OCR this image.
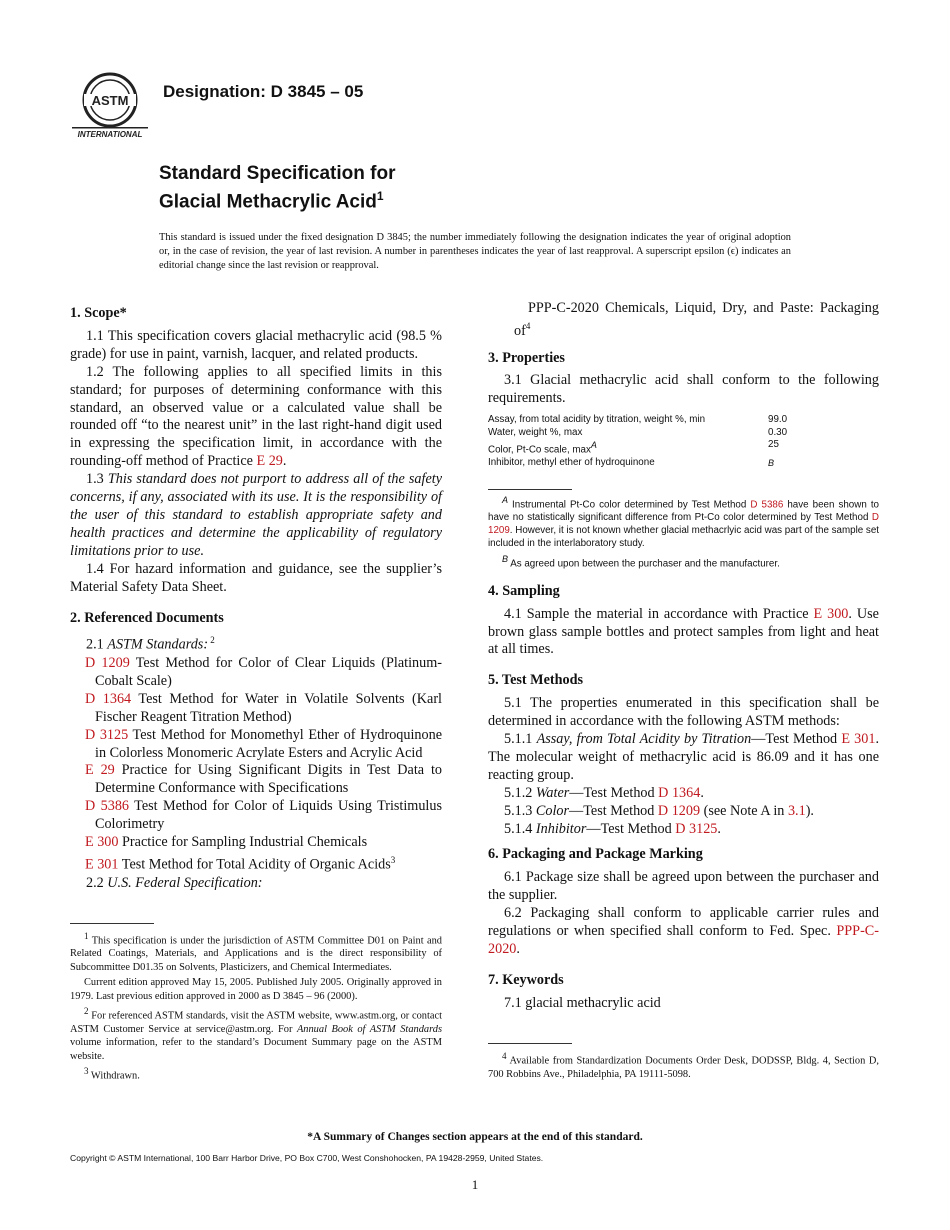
ASTM
INTERNATIONAL
Designation: D 3845 – 05
Standard Specification for
Glacial Methacrylic Acid$^1$
This standard is issued under the fixed designation D 3845; the number immediately following the designation indicates the year of original adoption or, in the case of revision, the year of last revision. A number in parentheses indicates the year of last reapproval. A superscript epsilon (ϵ) indicates an editorial change since the last revision or reapproval.
1. Scope*

1.1 This specification covers glacial methacrylic acid (98.5 % grade) for use in paint, varnish, lacquer, and related products.

1.2 The following applies to all specified limits in this standard; for purposes of determining conformance with this standard, an observed value or a calculated value shall be rounded off “to the nearest unit” in the last right-hand digit used in expressing the specification limit, in accordance with the rounding-off method of Practice E 29.

1.3 This standard does not purport to address all of the safety concerns, if any, associated with its use. It is the responsibility of the user of this standard to establish appropriate safety and health practices and determine the applicability of regulatory limitations prior to use.

1.4 For hazard information and guidance, see the supplier’s Material Safety Data Sheet.

2. Referenced Documents

2.1 ASTM Standards: $^2$

D 1209 Test Method for Color of Clear Liquids (Platinum-Cobalt Scale)

D 1364 Test Method for Water in Volatile Solvents (Karl Fischer Reagent Titration Method)

D 3125 Test Method for Monomethyl Ether of Hydroquinone in Colorless Monomeric Acrylate Esters and Acrylic Acid

E 29 Practice for Using Significant Digits in Test Data to Determine Conformance with Specifications

D 5386 Test Method for Color of Liquids Using Tristimulus Colorimetry

E 300 Practice for Sampling Industrial Chemicals

E 301 Test Method for Total Acidity of Organic Acids$^3$

2.2 U.S. Federal Specification:

$^1$ This specification is under the jurisdiction of ASTM Committee D01 on Paint and Related Coatings, Materials, and Applications and is the direct responsibility of Subcommittee D01.35 on Solvents, Plasticizers, and Chemical Intermediates.

Current edition approved May 15, 2005. Published July 2005. Originally approved in 1979. Last previous edition approved in 2000 as D 3845 – 96 (2000).

$^2$ For referenced ASTM standards, visit the ASTM website, www.astm.org, or contact ASTM Customer Service at service@astm.org. For Annual Book of ASTM Standards volume information, refer to the standard’s Document Summary page on the ASTM website.

$^3$ Withdrawn.

PPP-C-2020 Chemicals, Liquid, Dry, and Paste: Packaging $of^4$

3. Properties

3.1 Glacial methacrylic acid shall conform to the following requirements.

Assay, from total acidity by titration, weight %, min	99.0
Water, weight %, max	0.30
Color, Pt-Co scale, $\max^A$	25
Inhibitor, methyl ether of hydroquinone	$^B$
$^A$ Instrumental Pt-Co color determined by Test Method D 5386 have been shown to have no statistically significant difference from Pt-Co color determined by Test Method D 1209. However, it is not known whether glacial methacrlyic acid was part of the sample set included in the interlaboratory study.
$^B$ As agreed upon between the purchaser and the manufacturer.
4. Sampling

4.1 Sample the material in accordance with Practice E 300. Use brown glass sample bottles and protect samples from light and heat at all times.

5. Test Methods

5.1 The properties enumerated in this specification shall be determined in accordance with the following ASTM methods:

5.1.1 Assay, from Total Acidity by Titration—Test Method E 301. The molecular weight of methacrylic acid is 86.09 and it has one reacting group.

5.1.2 Water—Test Method D 1364.

5.1.3 Color—Test Method D 1209 (see Note A in 3.1).

5.1.4 Inhibitor—Test Method D 3125.

6. Packaging and Package Marking

6.1 Package size shall be agreed upon between the purchaser and the supplier.

6.2 Packaging shall conform to applicable carrier rules and regulations or when specified shall conform to Fed. Spec. PPP-C-2020.

7. Keywords

7.1 glacial methacrylic acid

$^4$ Available from Standardization Documents Order Desk, DODSSP, Bldg. 4, Section D, 700 Robbins Ave., Philadelphia, PA 19111-5098.

*A Summary of Changes section appears at the end of this standard.
Copyright © ASTM International, 100 Barr Harbor Drive, PO Box C700, West Conshohocken, PA 19428-2959, United States.
1
